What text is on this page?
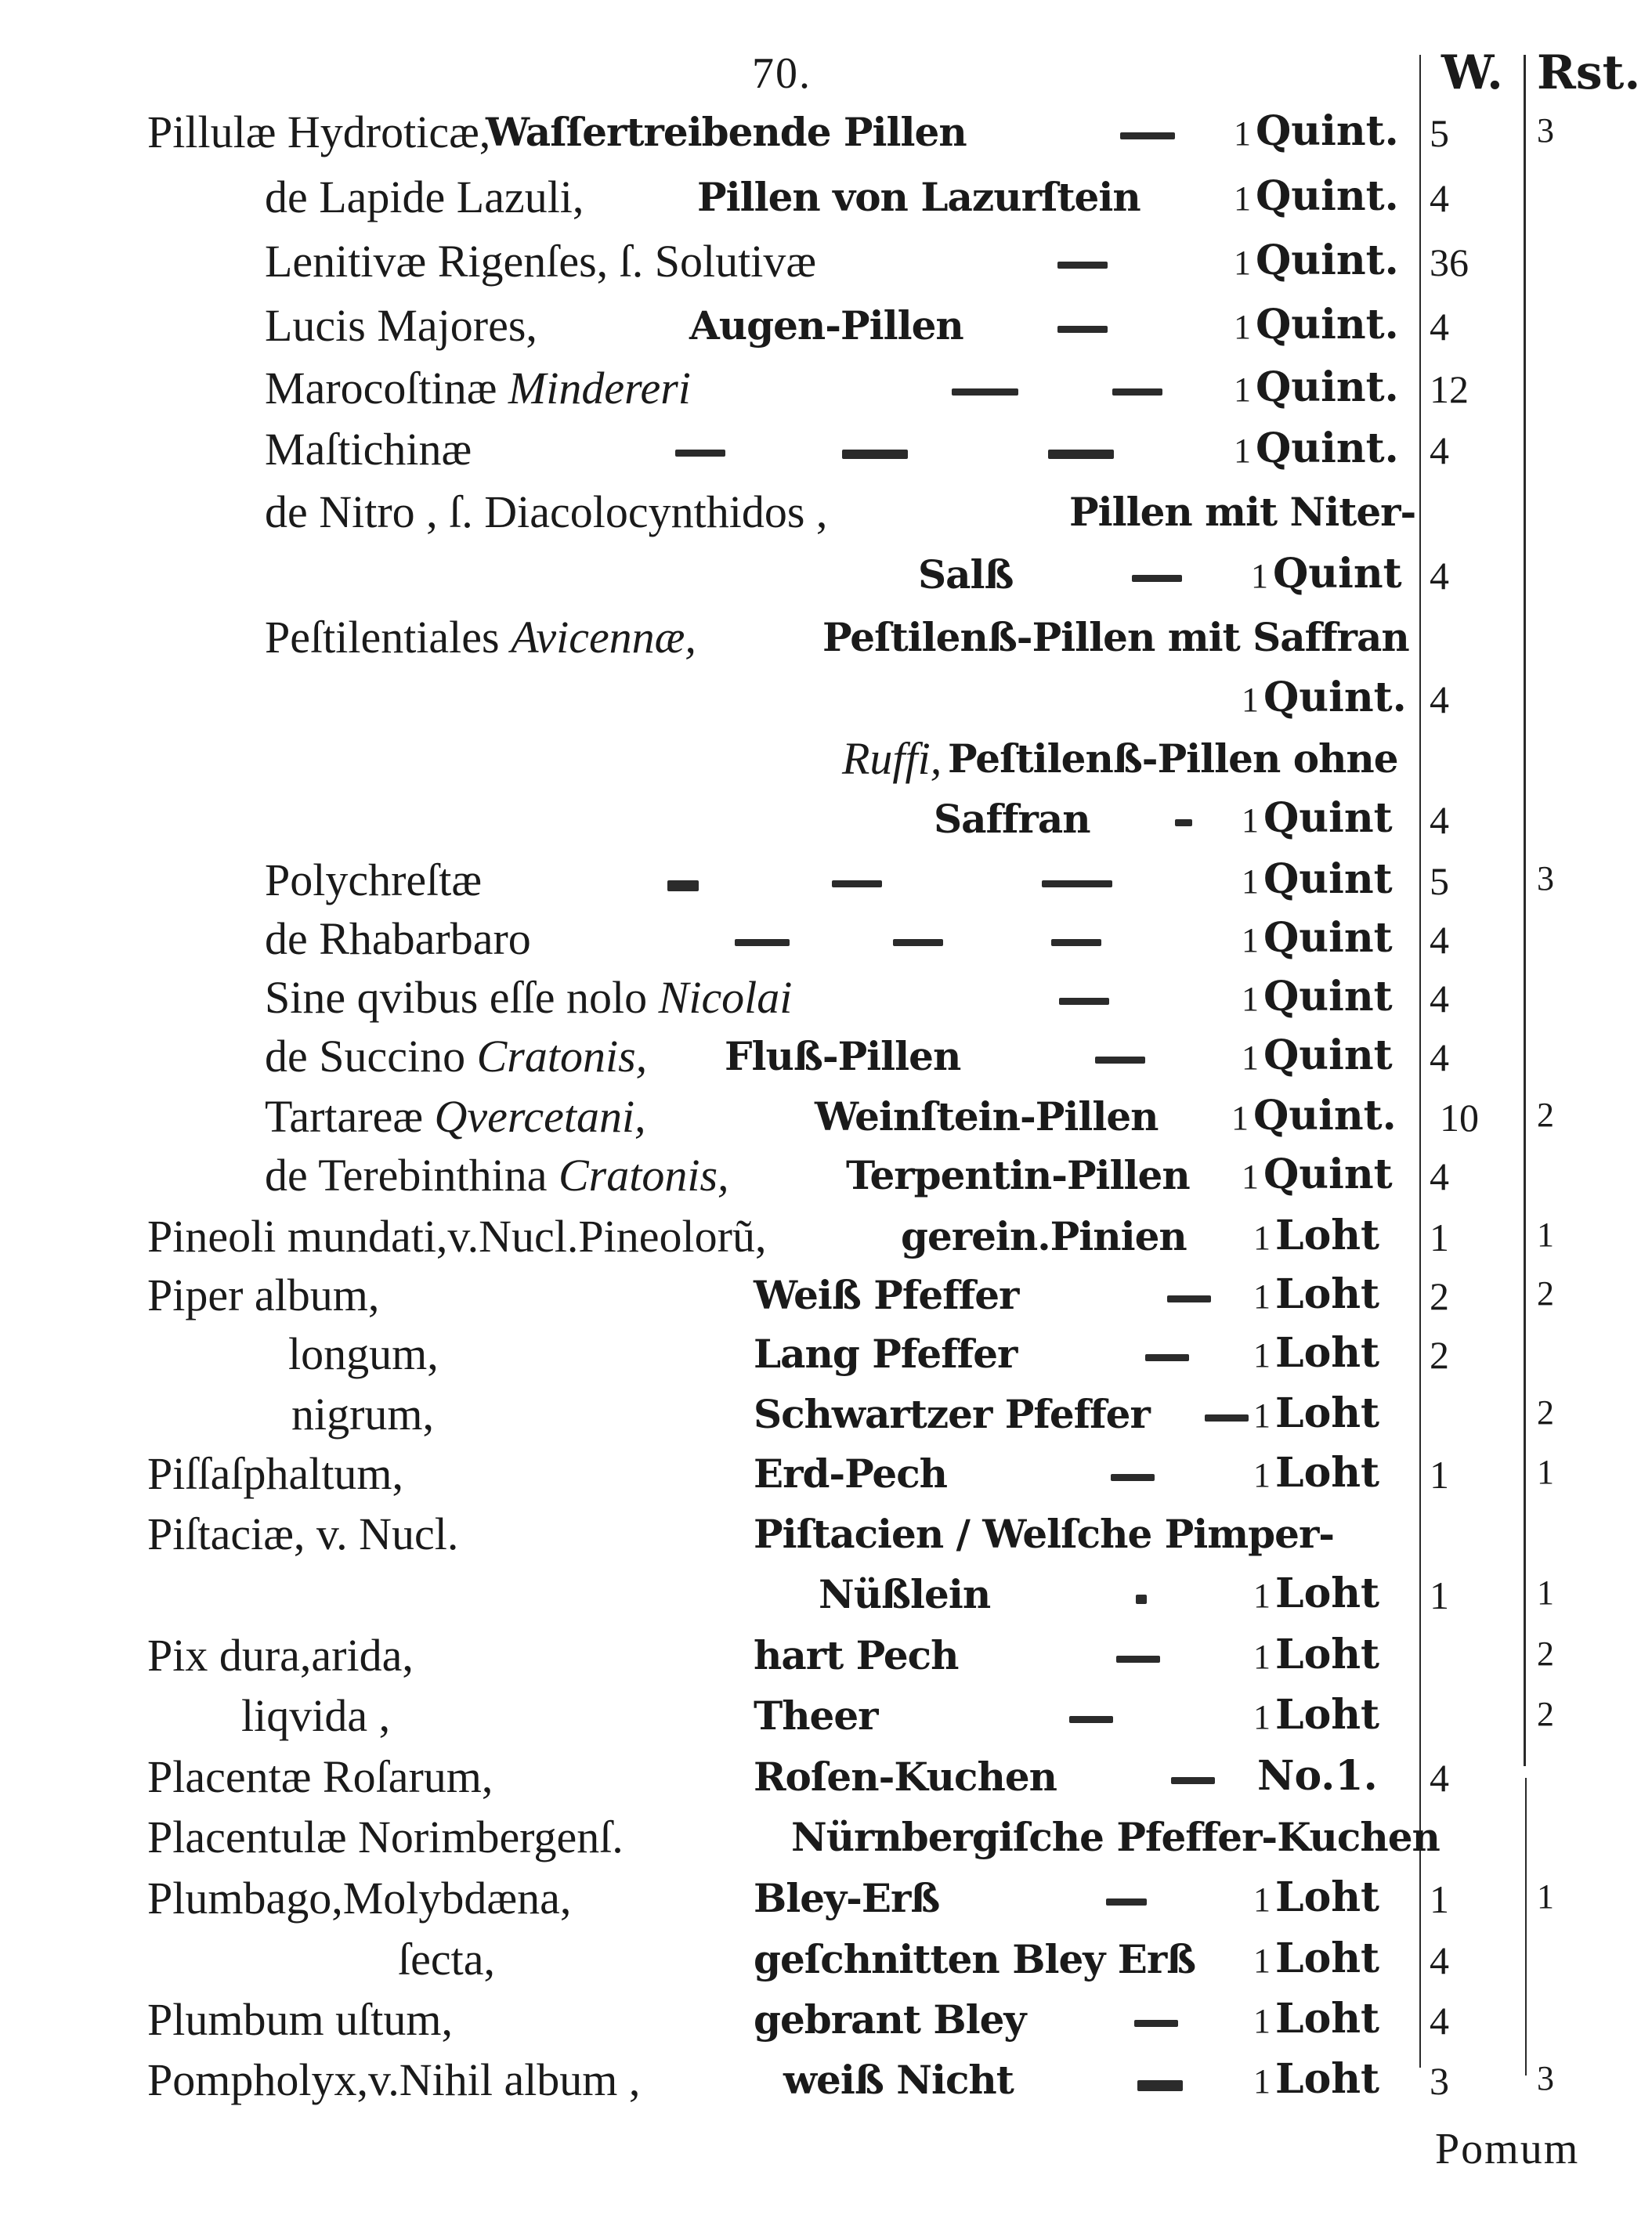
70.	W. Rst.
Pillulæ Hydroticæ,
Waſſertreibende Pillen	1 Quint. 5	3
de Lapide Lazuli,	Pillen von Lazurſtein	1 Quint. 4
Lenitivæ Rigenſes, ſ. Solutivæ	1 Quint. 36
Lucis Majores,	Augen-Pillen	1 Quint. 4
Marocoſtinæ Mindereri	1 Quint. 12
Maſtichinæ	1 Quint. 4
de Nitro , ſ. Diacolocynthidos ,	Pillen mit Niter-
Salß	1 Quint 4
Peſtilentiales Avicennæ,	Peſtilenß-Pillen mit Saffran
1 Quint. 4
Ruffi, Peſtilenß-Pillen ohne
Saffran	1 Quint 4
Polychreſtæ	1 Quint 5	3
de Rhabarbaro	1 Quint 4
Sine qvibus eſſe nolo Nicolai	1 Quint 4
de Succino Cratonis, Fluß-Pillen	1 Quint 4
Tartareæ Qvercetani,	Weinſtein-Pillen 1 Quint. 10 2
de Terebinthina Cratonis,	Terpentin-Pillen 1 Quint 4
Pineoli mundati,v.Nucl.Pineolorũ,	gerein.Pinien 1 Loht 1	1
Piper album,	Weiß Pfeffer	1 Loht 2	2
longum,	Lang Pfeffer	1 Loht 2
nigrum,	Schwartzer Pfeffer	1 Loht	2
Piſſaſphaltum,	Erd-Pech	1 Loht 1	1
Piſtaciæ, v. Nucl.	Piſtacien / Welſche Pimper-
Nüßlein	1 Loht 1	1
Pix dura,arida,	hart Pech	1 Loht	2
liqvida ,	Theer	1 Loht	2
Placentæ Roſarum,	Roſen-Kuchen	No.1. 4
Placentulæ Norimbergenſ.	Nürnbergiſche Pfeffer-Kuchen
Plumbago,Molybdæna,	Bley-Erß	1 Loht 1	1
ſecta,	geſchnitten Bley Erß 1 Loht 4
Plumbum uſtum,	gebrant Bley	1 Loht 4
Pompholyx,v.Nihil album ,	weiß Nicht	1 Loht 3	3
Pomum
